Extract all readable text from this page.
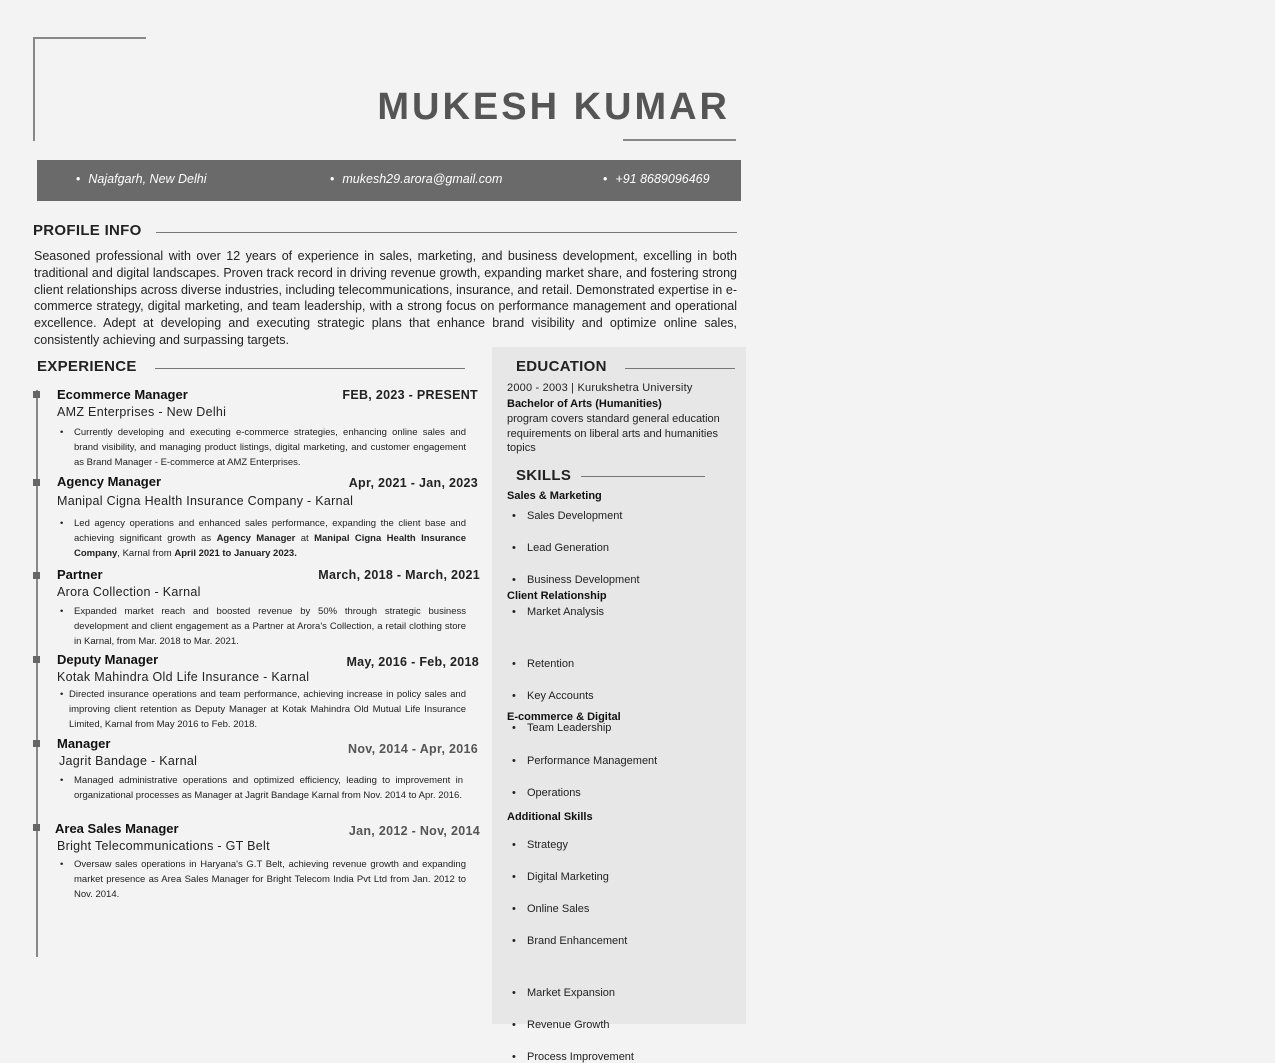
MUKESH KUMAR
• Najafgarh, New Delhi	• mukesh29.arora@gmail.com	• +91 8689096469
PROFILE INFO
Seasoned professional with over 12 years of experience in sales, marketing, and business development, excelling in both traditional and digital landscapes. Proven track record in driving revenue growth, expanding market share, and fostering strong client relationships across diverse industries, including telecommunications, insurance, and retail. Demonstrated expertise in e-commerce strategy, digital marketing, and team leadership, with a strong focus on performance management and operational excellence. Adept at developing and executing strategic plans that enhance brand visibility and optimize online sales, consistently achieving and surpassing targets.
EXPERIENCE
Ecommerce Manager	FEB, 2023 - PRESENT
AMZ Enterprises - New Delhi
• Currently developing and executing e-commerce strategies, enhancing online sales and brand visibility, and managing product listings, digital marketing, and customer engagement as Brand Manager - E-commerce at AMZ Enterprises.
Agency Manager	Apr, 2021 - Jan, 2023
Manipal Cigna Health Insurance Company - Karnal
• Led agency operations and enhanced sales performance, expanding the client base and achieving significant growth as Agency Manager at Manipal Cigna Health Insurance Company, Karnal from April 2021 to January 2023.
Partner	March, 2018 - March, 2021
Arora Collection - Karnal
• Expanded market reach and boosted revenue by 50% through strategic business development and client engagement as a Partner at Arora's Collection, a retail clothing store in Karnal, from Mar. 2018 to Mar. 2021.
Deputy Manager	May, 2016 - Feb, 2018
Kotak Mahindra Old Life Insurance - Karnal
• Directed insurance operations and team performance, achieving increase in policy sales and improving client retention as Deputy Manager at Kotak Mahindra Old Mutual Life Insurance Limited, Karnal from May 2016 to Feb. 2018.
Manager	Nov, 2014 - Apr, 2016
Jagrit Bandage - Karnal
• Managed administrative operations and optimized efficiency, leading to improvement in organizational processes as Manager at Jagrit Bandage Karnal from Nov. 2014 to Apr. 2016.
Area Sales Manager	Jan, 2012 - Nov, 2014
Bright Telecommunications - GT Belt
• Oversaw sales operations in Haryana's G.T Belt, achieving revenue growth and expanding market presence as Area Sales Manager for Bright Telecom India Pvt Ltd from Jan. 2012 to Nov. 2014.
EDUCATION
2000 - 2003 | Kurukshetra University
Bachelor of Arts (Humanities)
program covers standard general education requirements on liberal arts and humanities topics
SKILLS
Sales & Marketing
• Sales Development
• Lead Generation
• Business Development
• Market Analysis
Client Relationship
• Retention
• Key Accounts
• Team Leadership
• Performance Management
• Operations
E-commerce & Digital
• Strategy
• Digital Marketing
• Online Sales
• Brand Enhancement
Additional Skills
• Market Expansion
• Revenue Growth
• Process Improvement
